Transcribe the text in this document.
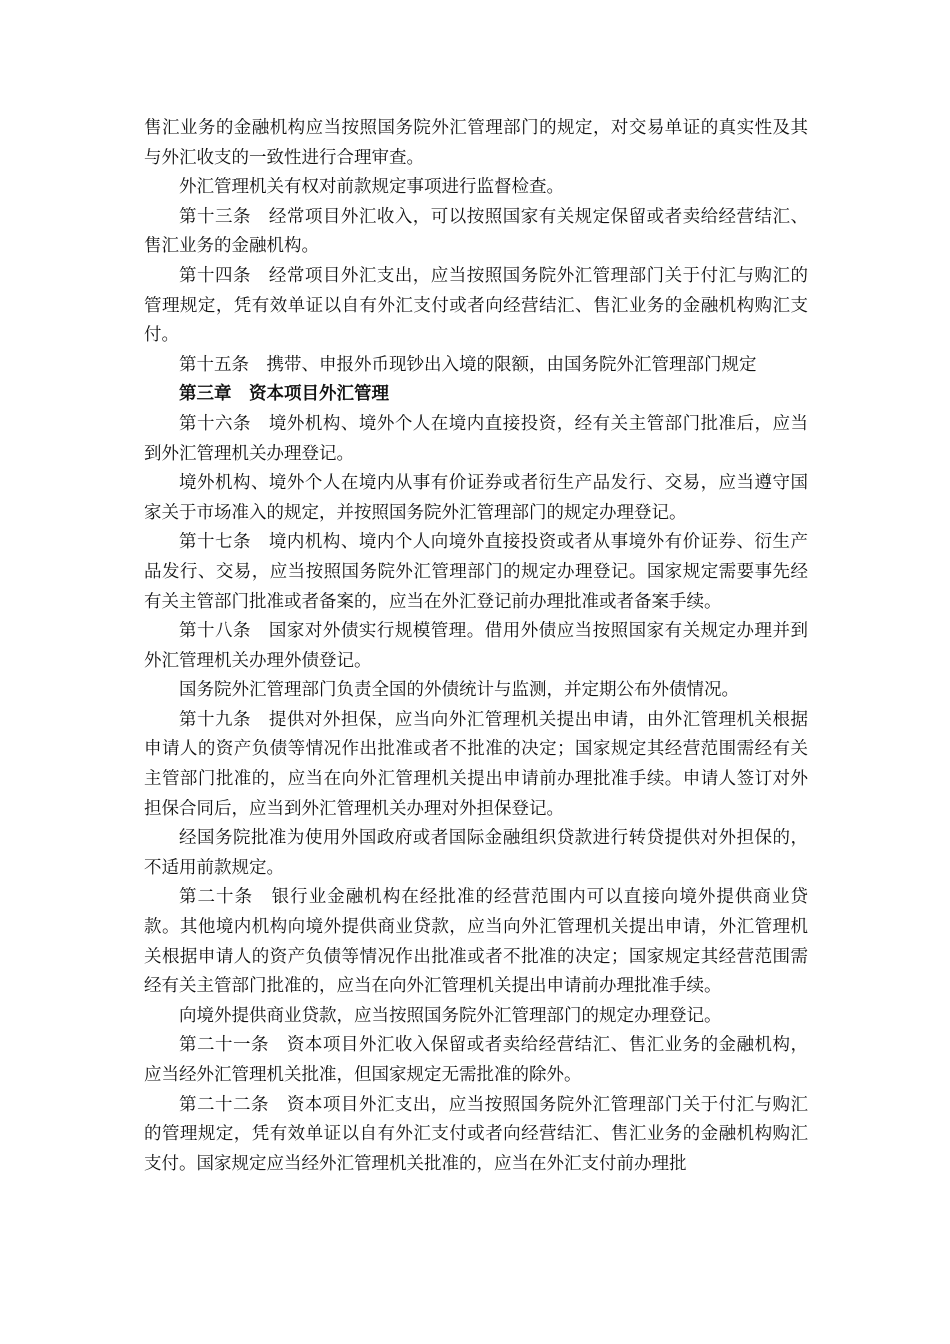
售汇业务的金融机构应当按照国务院外汇管理部门的规定，对交易单证的真实性及其与外汇收支的一致性进行合理审查。

外汇管理机关有权对前款规定事项进行监督检查。

第十三条　经常项目外汇收入，可以按照国家有关规定保留或者卖给经营结汇、售汇业务的金融机构。

第十四条　经常项目外汇支出，应当按照国务院外汇管理部门关于付汇与购汇的管理规定，凭有效单证以自有外汇支付或者向经营结汇、售汇业务的金融机构购汇支付。

第十五条　携带、申报外币现钞出入境的限额，由国务院外汇管理部门规定

第三章　资本项目外汇管理

第十六条　境外机构、境外个人在境内直接投资，经有关主管部门批准后，应当到外汇管理机关办理登记。

境外机构、境外个人在境内从事有价证券或者衍生产品发行、交易，应当遵守国家关于市场准入的规定，并按照国务院外汇管理部门的规定办理登记。

第十七条　境内机构、境内个人向境外直接投资或者从事境外有价证券、衍生产品发行、交易，应当按照国务院外汇管理部门的规定办理登记。国家规定需要事先经有关主管部门批准或者备案的，应当在外汇登记前办理批准或者备案手续。

第十八条　国家对外债实行规模管理。借用外债应当按照国家有关规定办理并到外汇管理机关办理外债登记。

国务院外汇管理部门负责全国的外债统计与监测，并定期公布外债情况。

第十九条　提供对外担保，应当向外汇管理机关提出申请，由外汇管理机关根据申请人的资产负债等情况作出批准或者不批准的决定；国家规定其经营范围需经有关主管部门批准的，应当在向外汇管理机关提出申请前办理批准手续。申请人签订对外担保合同后，应当到外汇管理机关办理对外担保登记。

经国务院批准为使用外国政府或者国际金融组织贷款进行转贷提供对外担保的，不适用前款规定。

第二十条　银行业金融机构在经批准的经营范围内可以直接向境外提供商业贷款。其他境内机构向境外提供商业贷款，应当向外汇管理机关提出申请，外汇管理机关根据申请人的资产负债等情况作出批准或者不批准的决定；国家规定其经营范围需经有关主管部门批准的，应当在向外汇管理机关提出申请前办理批准手续。

向境外提供商业贷款，应当按照国务院外汇管理部门的规定办理登记。

第二十一条　资本项目外汇收入保留或者卖给经营结汇、售汇业务的金融机构，应当经外汇管理机关批准，但国家规定无需批准的除外。

第二十二条　资本项目外汇支出，应当按照国务院外汇管理部门关于付汇与购汇的管理规定，凭有效单证以自有外汇支付或者向经营结汇、售汇业务的金融机构购汇支付。国家规定应当经外汇管理机关批准的，应当在外汇支付前办理批
